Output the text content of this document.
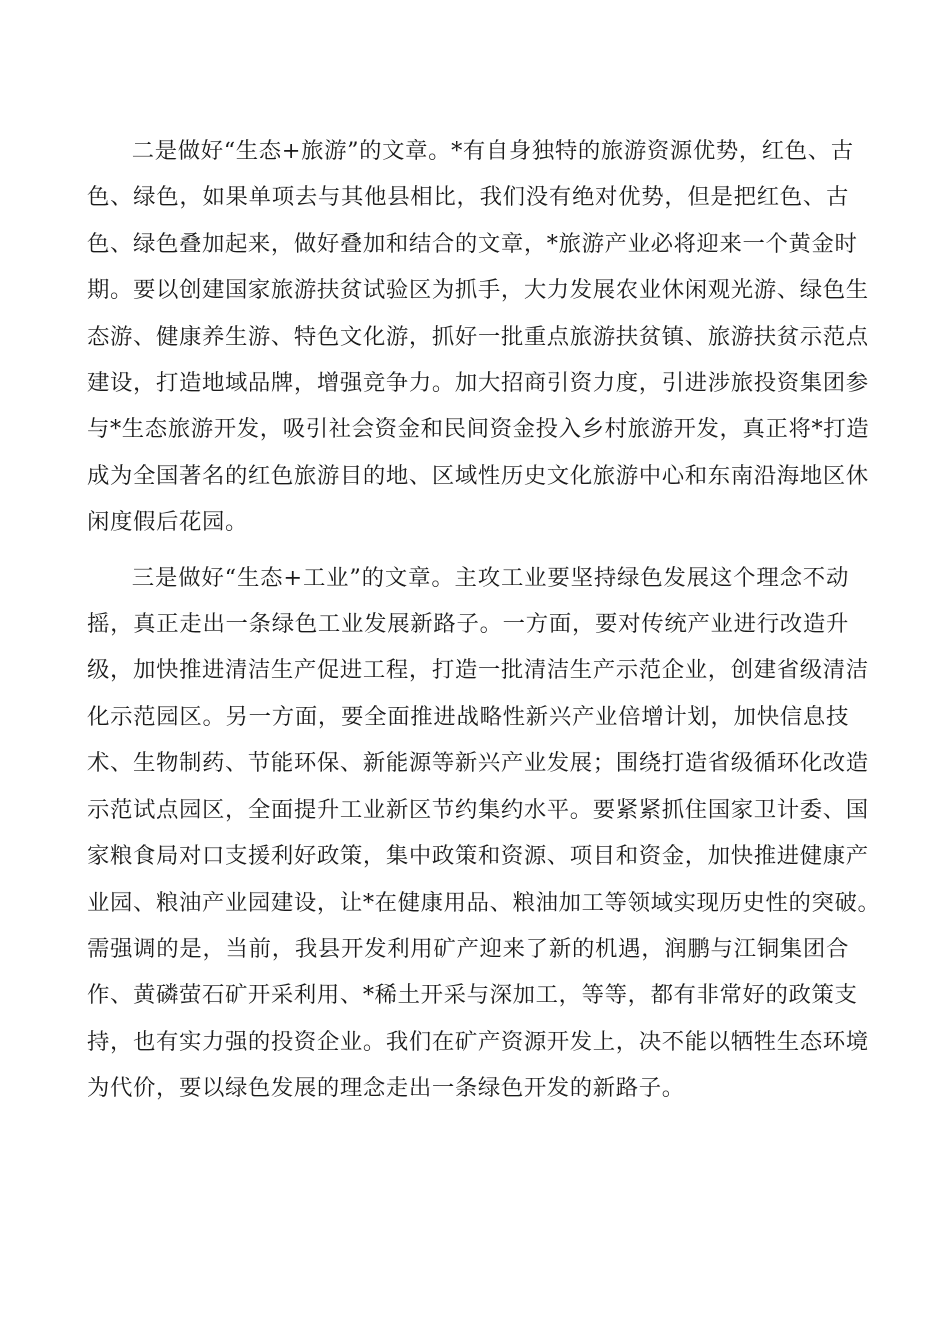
二是做好“生态+旅游”的文章。*有自身独特的旅游资源优势，红色、古
色、绿色，如果单项去与其他县相比，我们没有绝对优势，但是把红色、古
色、绿色叠加起来，做好叠加和结合的文章，*旅游产业必将迎来一个黄金时
期。要以创建国家旅游扶贫试验区为抓手，大力发展农业休闲观光游、绿色生
态游、健康养生游、特色文化游，抓好一批重点旅游扶贫镇、旅游扶贫示范点
建设，打造地域品牌，增强竞争力。加大招商引资力度，引进涉旅投资集团参
与*生态旅游开发，吸引社会资金和民间资金投入乡村旅游开发，真正将*打造
成为全国著名的红色旅游目的地、区域性历史文化旅游中心和东南沿海地区休
闲度假后花园。
三是做好“生态+工业”的文章。主攻工业要坚持绿色发展这个理念不动
摇，真正走出一条绿色工业发展新路子。一方面，要对传统产业进行改造升
级，加快推进清洁生产促进工程，打造一批清洁生产示范企业，创建省级清洁
化示范园区。另一方面，要全面推进战略性新兴产业倍增计划，加快信息技
术、生物制药、节能环保、新能源等新兴产业发展；围绕打造省级循环化改造
示范试点园区，全面提升工业新区节约集约水平。要紧紧抓住国家卫计委、国
家粮食局对口支援利好政策，集中政策和资源、项目和资金，加快推进健康产
业园、粮油产业园建设，让*在健康用品、粮油加工等领域实现历史性的突破。
需强调的是，当前，我县开发利用矿产迎来了新的机遇，润鹏与江铜集团合
作、黄磷萤石矿开采利用、*稀土开采与深加工，等等，都有非常好的政策支
持，也有实力强的投资企业。我们在矿产资源开发上，决不能以牺牲生态环境
为代价，要以绿色发展的理念走出一条绿色开发的新路子。
